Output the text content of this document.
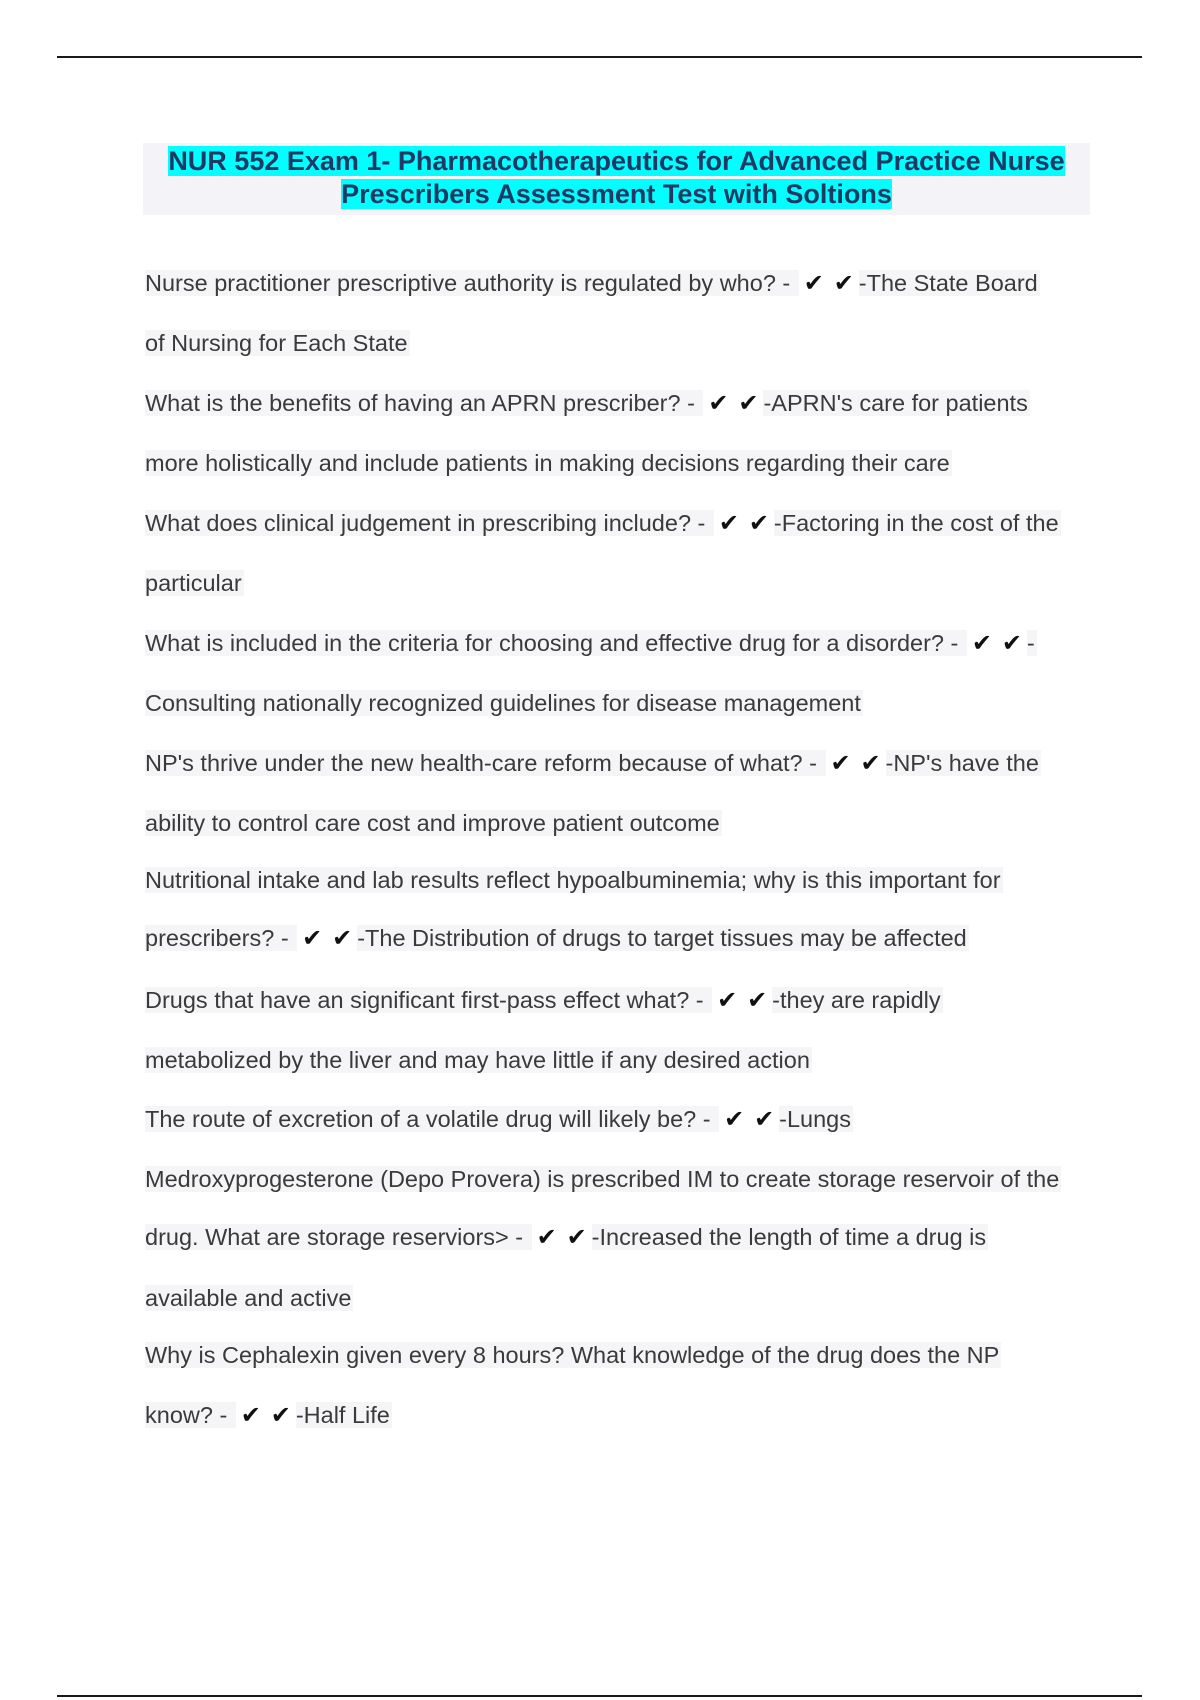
NUR 552 Exam 1- Pharmacotherapeutics for Advanced Practice Nurse
Prescribers Assessment Test with Soltions

Nurse practitioner prescriptive authority is regulated by who? - ✔ ✔ -The State Board
of Nursing for Each State
What is the benefits of having an APRN prescriber? - ✔ ✔ -APRN's care for patients
more holistically and include patients in making decisions regarding their care
What does clinical judgement in prescribing include? - ✔ ✔ -Factoring in the cost of the
particular
What is included in the criteria for choosing and effective drug for a disorder? - ✔ ✔ -
Consulting nationally recognized guidelines for disease management
NP's thrive under the new health-care reform because of what? - ✔ ✔ -NP's have the
ability to control care cost and improve patient outcome
Nutritional intake and lab results reflect hypoalbuminemia; why is this important for
prescribers? - ✔ ✔ -The Distribution of drugs to target tissues may be affected
Drugs that have an significant first-pass effect what? - ✔ ✔ -they are rapidly
metabolized by the liver and may have little if any desired action
The route of excretion of a volatile drug will likely be? - ✔ ✔ -Lungs
Medroxyprogesterone (Depo Provera) is prescribed IM to create storage reservoir of the
drug. What are storage reserviors> - ✔ ✔ -Increased the length of time a drug is
available and active
Why is Cephalexin given every 8 hours? What knowledge of the drug does the NP
know? - ✔ ✔ -Half Life
